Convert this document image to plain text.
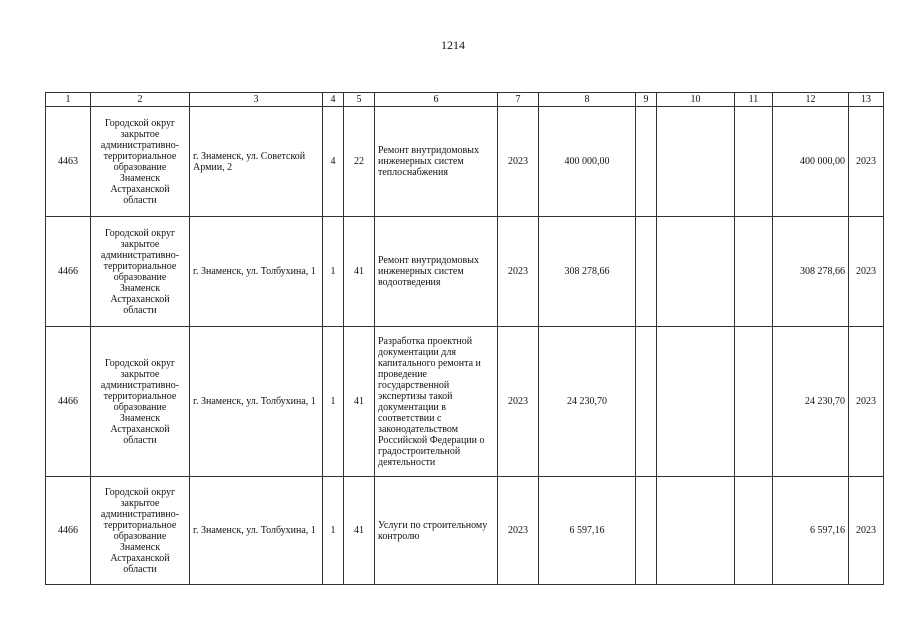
1214
1	2	3	4	5	6	7	8	9	10	11	12	13
4463	Городской округ закрытое административно-территориальное образование Знаменск Астраханской области	г. Знаменск, ул. Советской Армии, 2	4	22	Ремонт внутридомовых инженерных систем теплоснабжения	2023	400 000,00				400 000,00	2023
4466	Городской округ закрытое административно-территориальное образование Знаменск Астраханской области	г. Знаменск, ул. Толбухина, 1	1	41	Ремонт внутридомовых инженерных систем водоотведения	2023	308 278,66				308 278,66	2023
4466	Городской округ закрытое административно-территориальное образование Знаменск Астраханской области	г. Знаменск, ул. Толбухина, 1	1	41	Разработка проектной документации для капитального ремонта и проведение государственной экспертизы такой документации в соответствии с законодательством Российской Федерации о градостроительной деятельности	2023	24 230,70				24 230,70	2023
4466	Городской округ закрытое административно-территориальное образование Знаменск Астраханской области	г. Знаменск, ул. Толбухина, 1	1	41	Услуги по строительному контролю	2023	6 597,16				6 597,16	2023
